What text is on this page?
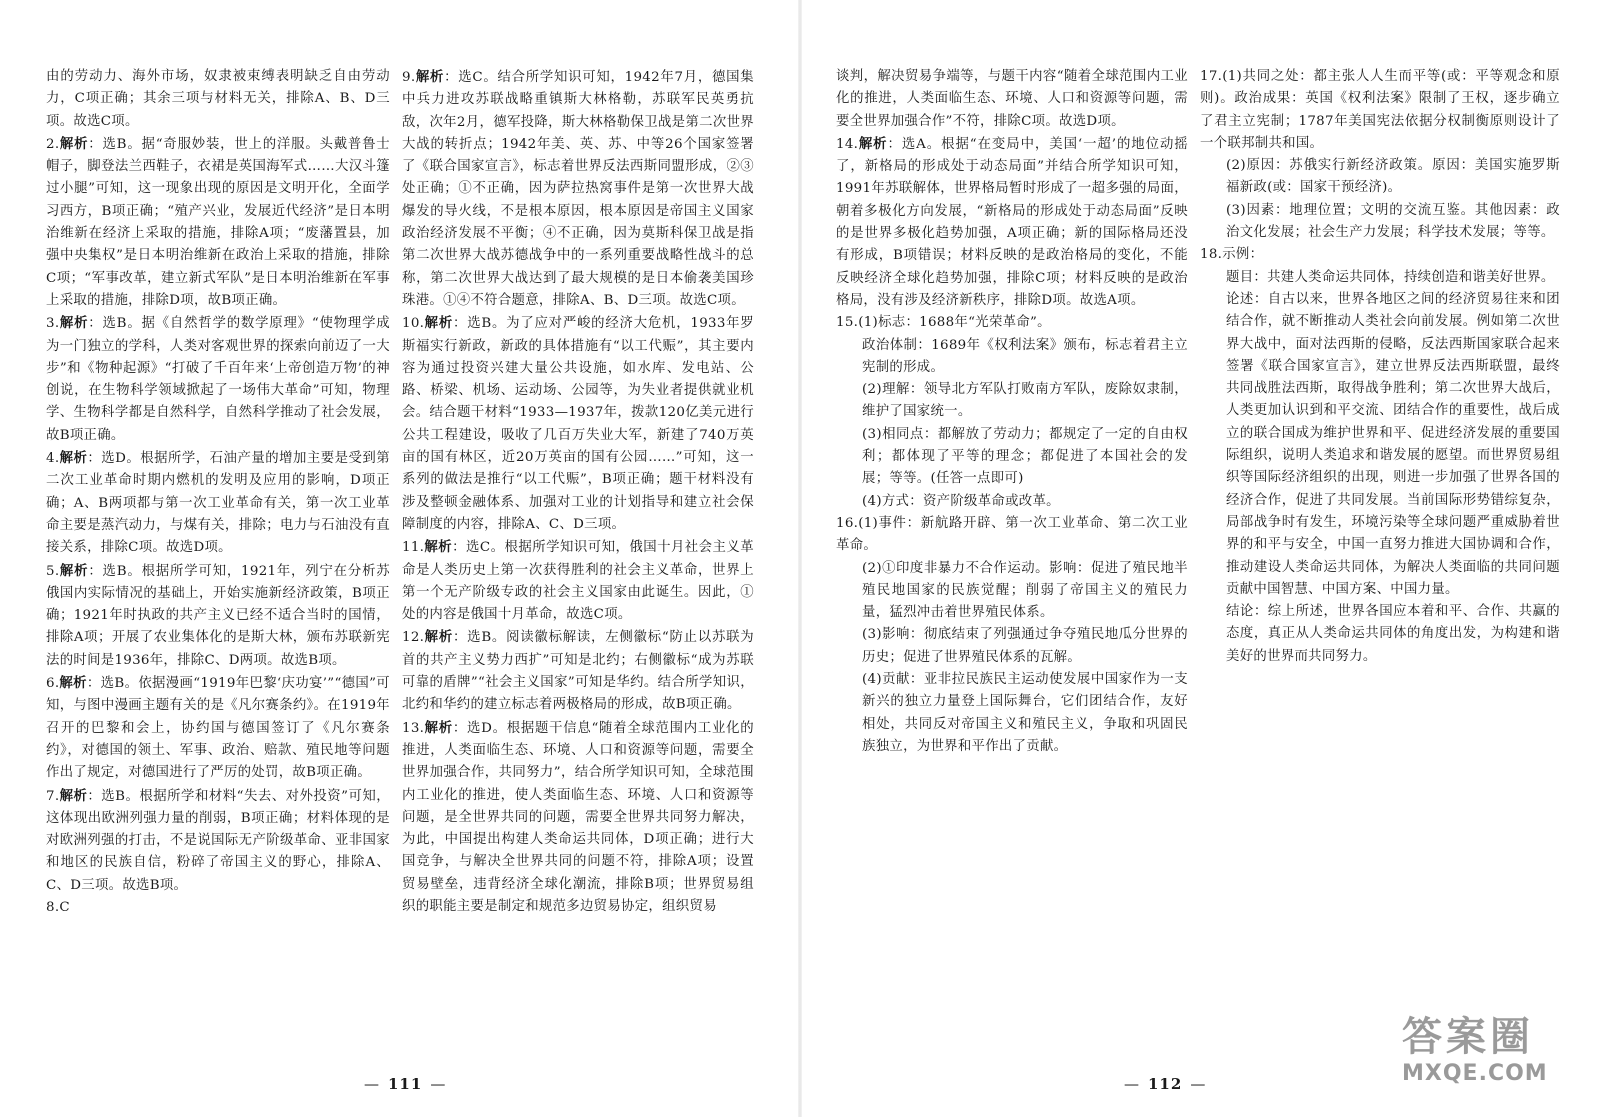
由的劳动力、海外市场，奴隶被束缚表明缺乏自由劳动力，C项正确；其余三项与材料无关，排除A、B、D三项。故选C项。

2.解析：选B。据“奇服妙装，世上的洋服。头戴普鲁士帽子，脚登法兰西鞋子，衣裙是英国海军式……大汉斗篷过小腿”可知，这一现象出现的原因是文明开化，全面学习西方，B项正确；“殖产兴业，发展近代经济”是日本明治维新在经济上采取的措施，排除A项；“废藩置县，加强中央集权”是日本明治维新在政治上采取的措施，排除C项；“军事改革，建立新式军队”是日本明治维新在军事上采取的措施，排除D项，故B项正确。

3.解析：选B。据《自然哲学的数学原理》“使物理学成为一门独立的学科，人类对客观世界的探索向前迈了一大步”和《物种起源》“打破了千百年来‘上帝创造万物’的神创说，在生物科学领域掀起了一场伟大革命”可知，物理学、生物科学都是自然科学，自然科学推动了社会发展，故B项正确。

4.解析：选D。根据所学，石油产量的增加主要是受到第二次工业革命时期内燃机的发明及应用的影响，D项正确；A、B两项都与第一次工业革命有关，第一次工业革命主要是蒸汽动力，与煤有关，排除；电力与石油没有直接关系，排除C项。故选D项。

5.解析：选B。根据所学可知，1921年，列宁在分析苏俄国内实际情况的基础上，开始实施新经济政策，B项正确；1921年时执政的共产主义已经不适合当时的国情，排除A项；开展了农业集体化的是斯大林，颁布苏联新宪法的时间是1936年，排除C、D两项。故选B项。

6.解析：选B。依据漫画“1919年巴黎‘庆功宴’”“德国”可知，与图中漫画主题有关的是《凡尔赛条约》。在1919年召开的巴黎和会上，协约国与德国签订了《凡尔赛条约》，对德国的领土、军事、政治、赔款、殖民地等问题作出了规定，对德国进行了严厉的处罚，故B项正确。

7.解析：选B。根据所学和材料“失去、对外投资”可知，这体现出欧洲列强力量的削弱，B项正确；材料体现的是对欧洲列强的打击，不是说国际无产阶级革命、亚非国家和地区的民族自信，粉碎了帝国主义的野心，排除A、C、D三项。故选B项。

8.C

9.解析：选C。结合所学知识可知，1942年7月，德国集中兵力进攻苏联战略重镇斯大林格勒，苏联军民英勇抗敌，次年2月，德军投降，斯大林格勒保卫战是第二次世界大战的转折点；1942年美、英、苏、中等26个国家签署了《联合国家宣言》，标志着世界反法西斯同盟形成，②③处正确；①不正确，因为萨拉热窝事件是第一次世界大战爆发的导火线，不是根本原因，根本原因是帝国主义国家政治经济发展不平衡；④不正确，因为莫斯科保卫战是指第二次世界大战苏德战争中的一系列重要战略性战斗的总称，第二次世界大战达到了最大规模的是日本偷袭美国珍珠港。①④不符合题意，排除A、B、D三项。故选C项。

10.解析：选B。为了应对严峻的经济大危机，1933年罗斯福实行新政，新政的具体措施有“以工代赈”，其主要内容为通过投资兴建大量公共设施，如水库、发电站、公路、桥梁、机场、运动场、公园等，为失业者提供就业机会。结合题干材料“1933—1937年，拨款120亿美元进行公共工程建设，吸收了几百万失业大军，新建了740万英亩的国有林区，近20万英亩的国有公园……”可知，这一系列的做法是推行“以工代赈”，B项正确；题干材料没有涉及整顿金融体系、加强对工业的计划指导和建立社会保障制度的内容，排除A、C、D三项。

11.解析：选C。根据所学知识可知，俄国十月社会主义革命是人类历史上第一次获得胜利的社会主义革命，世界上第一个无产阶级专政的社会主义国家由此诞生。因此，①处的内容是俄国十月革命，故选C项。

12.解析：选B。阅读徽标解读，左侧徽标“防止以苏联为首的共产主义势力西扩”可知是北约；右侧徽标“成为苏联可靠的盾牌”“社会主义国家”可知是华约。结合所学知识，北约和华约的建立标志着两极格局的形成，故B项正确。

13.解析：选D。根据题干信息“随着全球范围内工业化的推进，人类面临生态、环境、人口和资源等问题，需要全世界加强合作，共同努力”，结合所学知识可知，全球范围内工业化的推进，使人类面临生态、环境、人口和资源等问题，是全世界共同的问题，需要全世界共同努力解决，为此，中国提出构建人类命运共同体，D项正确；进行大国竞争，与解决全世界共同的问题不符，排除A项；设置贸易壁垒，违背经济全球化潮流，排除B项；世界贸易组织的职能主要是制定和规范多边贸易协定，组织贸易

— 111 —

谈判，解决贸易争端等，与题干内容“随着全球范围内工业化的推进，人类面临生态、环境、人口和资源等问题，需要全世界加强合作”不符，排除C项。故选D项。

14.解析：选A。根据“在变局中，美国‘一超’的地位动摇了，新格局的形成处于动态局面”并结合所学知识可知，1991年苏联解体，世界格局暂时形成了一超多强的局面，朝着多极化方向发展，“新格局的形成处于动态局面”反映的是世界多极化趋势加强，A项正确；新的国际格局还没有形成，B项错误；材料反映的是政治格局的变化，不能反映经济全球化趋势加强，排除C项；材料反映的是政治格局，没有涉及经济新秩序，排除D项。故选A项。

15.(1)标志：1688年“光荣革命”。

政治体制：1689年《权利法案》颁布，标志着君主立宪制的形成。

(2)理解：领导北方军队打败南方军队，废除奴隶制，维护了国家统一。

(3)相同点：都解放了劳动力；都规定了一定的自由权利；都体现了平等的理念；都促进了本国社会的发展；等等。(任答一点即可)

(4)方式：资产阶级革命或改革。

16.(1)事件：新航路开辟、第一次工业革命、第二次工业革命。

(2)①印度非暴力不合作运动。影响：促进了殖民地半殖民地国家的民族觉醒；削弱了帝国主义的殖民力量，猛烈冲击着世界殖民体系。

(3)影响：彻底结束了列强通过争夺殖民地瓜分世界的历史；促进了世界殖民体系的瓦解。

(4)贡献：亚非拉民族民主运动使发展中国家作为一支新兴的独立力量登上国际舞台，它们团结合作，友好相处，共同反对帝国主义和殖民主义，争取和巩固民族独立，为世界和平作出了贡献。

17.(1)共同之处：都主张人人生而平等(或：平等观念和原则)。政治成果：英国《权利法案》限制了王权，逐步确立了君主立宪制；1787年美国宪法依据分权制衡原则设计了一个联邦制共和国。

(2)原因：苏俄实行新经济政策。原因：美国实施罗斯福新政(或：国家干预经济)。

(3)因素：地理位置；文明的交流互鉴。其他因素：政治文化发展；社会生产力发展；科学技术发展；等等。

18.示例：

题目：共建人类命运共同体，持续创造和谐美好世界。

论述：自古以来，世界各地区之间的经济贸易往来和团结合作，就不断推动人类社会向前发展。例如第二次世界大战中，面对法西斯的侵略，反法西斯国家联合起来签署《联合国家宣言》，建立世界反法西斯联盟，最终共同战胜法西斯，取得战争胜利；第二次世界大战后，人类更加认识到和平交流、团结合作的重要性，战后成立的联合国成为维护世界和平、促进经济发展的重要国际组织，说明人类追求和谐发展的愿望。而世界贸易组织等国际经济组织的出现，则进一步加强了世界各国的经济合作，促进了共同发展。当前国际形势错综复杂，局部战争时有发生，环境污染等全球问题严重威胁着世界的和平与安全，中国一直努力推进大国协调和合作，推动建设人类命运共同体，为解决人类面临的共同问题贡献中国智慧、中国方案、中国力量。

结论：综上所述，世界各国应本着和平、合作、共赢的态度，真正从人类命运共同体的角度出发，为构建和谐美好的世界而共同努力。

— 112 —
答案圈
MXQE.COM
